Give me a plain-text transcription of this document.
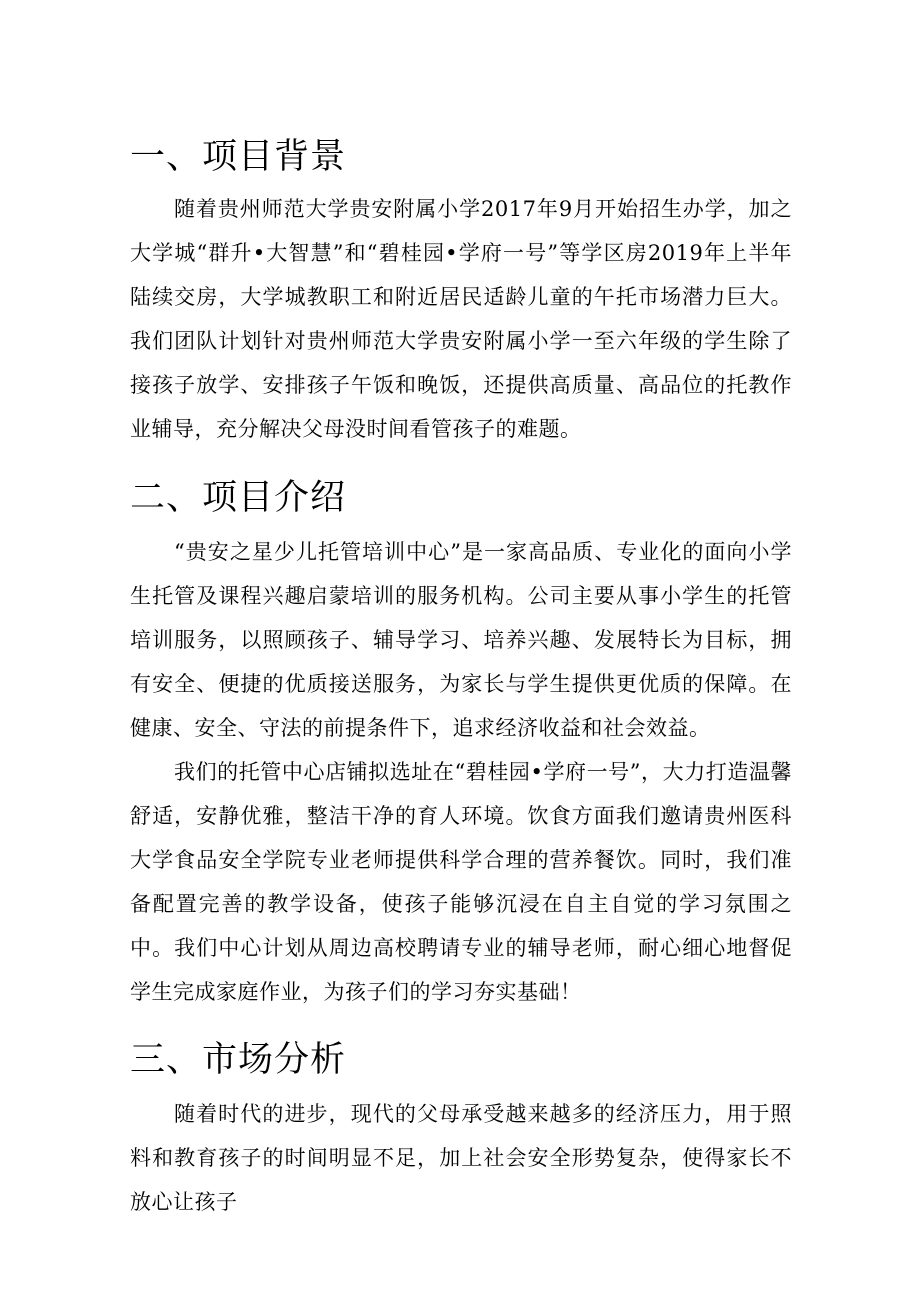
一、项目背景

随着贵州师范大学贵安附属小学2017年9月开始招生办学，加之大学城“群升•大智慧”和“碧桂园•学府一号”等学区房2019年上半年陆续交房，大学城教职工和附近居民适龄儿童的午托市场潜力巨大。我们团队计划针对贵州师范大学贵安附属小学一至六年级的学生除了接孩子放学、安排孩子午饭和晚饭，还提供高质量、高品位的托教作业辅导，充分解决父母没时间看管孩子的难题。

二、项目介绍

“贵安之星少儿托管培训中心”是一家高品质、专业化的面向小学生托管及课程兴趣启蒙培训的服务机构。公司主要从事小学生的托管培训服务，以照顾孩子、辅导学习、培养兴趣、发展特长为目标，拥有安全、便捷的优质接送服务，为家长与学生提供更优质的保障。在健康、安全、守法的前提条件下，追求经济收益和社会效益。

我们的托管中心店铺拟选址在“碧桂园•学府一号”，大力打造温馨舒适，安静优雅，整洁干净的育人环境。饮食方面我们邀请贵州医科大学食品安全学院专业老师提供科学合理的营养餐饮。同时，我们准备配置完善的教学设备，使孩子能够沉浸在自主自觉的学习氛围之中。我们中心计划从周边高校聘请专业的辅导老师，耐心细心地督促学生完成家庭作业，为孩子们的学习夯实基础！

三、市场分析

随着时代的进步，现代的父母承受越来越多的经济压力，用于照料和教育孩子的时间明显不足，加上社会安全形势复杂，使得家长不放心让孩子
